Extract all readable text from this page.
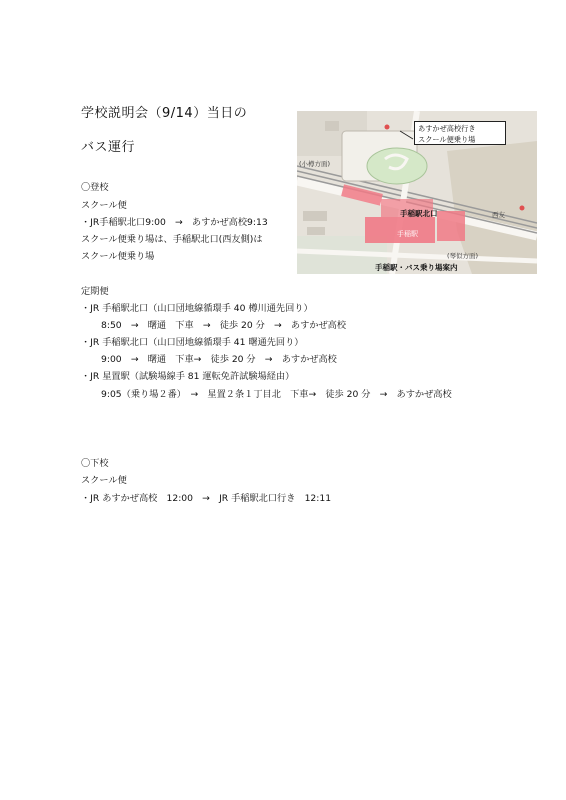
学校説明会（9/14）当日の
バス運行
〇登校
スクール便
・JR手稲駅北口9:00　→　あすかぜ高校9:13
スクール便乗り場は、手稲駅北口(西友側)は
スクール便乗り場
定期便
・JR 手稲駅北口（山口団地線循環手 40 樽川通先回り）
8:50　→　曙通　下車　→　徒歩 20 分　→　あすかぜ高校
・JR 手稲駅北口（山口団地線循環手 41 曙通先回り）
9:00　→　曙通　下車→　徒歩 20 分　→　あすかぜ高校
・JR 星置駅（試験場線手 81 運転免許試験場経由）
9:05（乗り場２番）　→　星置２条１丁目北　下車→　徒歩 20 分　→　あすかぜ高校
〇下校
スクール便
・JR あすかぜ高校　12:00　→　JR 手稲駅北口行き　12:11
あすかぜ高校行き
スクール便乗り場
(小樽方面)
手稲駅北口
手稲駅
西友
(琴似方面)
手稲駅・バス乗り場案内
